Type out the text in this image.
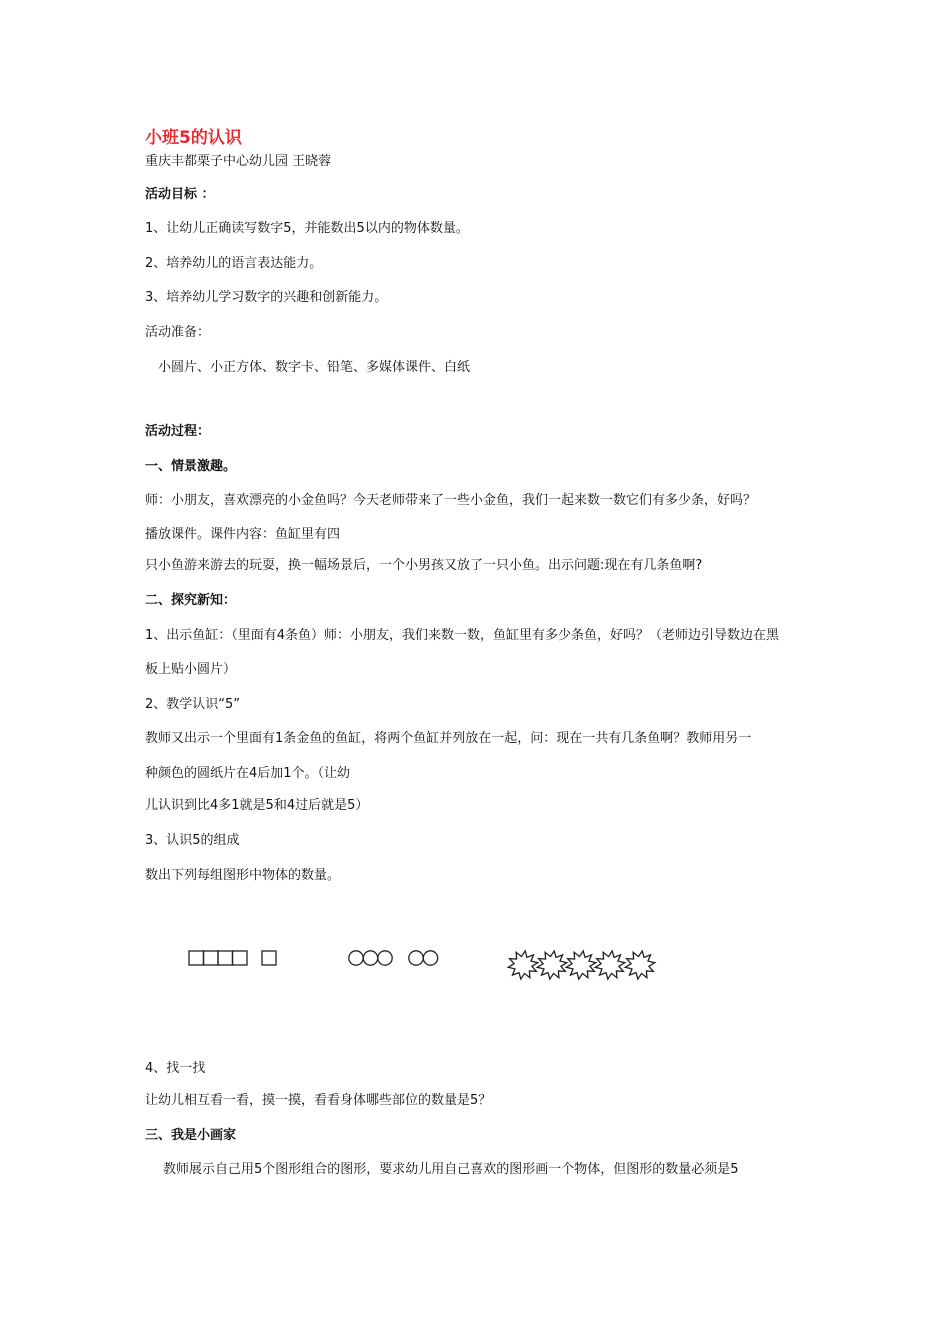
小班5的认识
重庆丰都栗子中心幼儿园 王晓蓉
活动目标 ：
1、让幼儿正确读写数字5，并能数出5以内的物体数量。
2、培养幼儿的语言表达能力。
3、培养幼儿学习数字的兴趣和创新能力。
活动准备：
小圆片、小正方体、数字卡、铅笔、多媒体课件、白纸
活动过程：
一、情景激趣。
师：小朋友，喜欢漂亮的小金鱼吗？今天老师带来了一些小金鱼，我们一起来数一数它们有多少条，好吗？
播放课件。课件内容：鱼缸里有四
只小鱼游来游去的玩耍，换一幅场景后，一个小男孩又放了一只小鱼。出示问题:现在有几条鱼啊?
二、探究新知：
1、出示鱼缸：（里面有4条鱼）师：小朋友，我们来数一数，鱼缸里有多少条鱼，好吗？（老师边引导数边在黑
板上贴小圆片）
2、教学认识“5”
教师又出示一个里面有1条金鱼的鱼缸，将两个鱼缸并列放在一起，问：现在一共有几条鱼啊？教师用另一
种颜色的圆纸片在4后加1个。（让幼
儿认识到比4多1就是5和4过后就是5）
3、认识5的组成
数出下列每组图形中物体的数量。
4、找一找
让幼儿相互看一看，摸一摸，看看身体哪些部位的数量是5？
三、我是小画家
教师展示自己用5个图形组合的图形，要求幼儿用自己喜欢的图形画一个物体，但图形的数量必须是5
